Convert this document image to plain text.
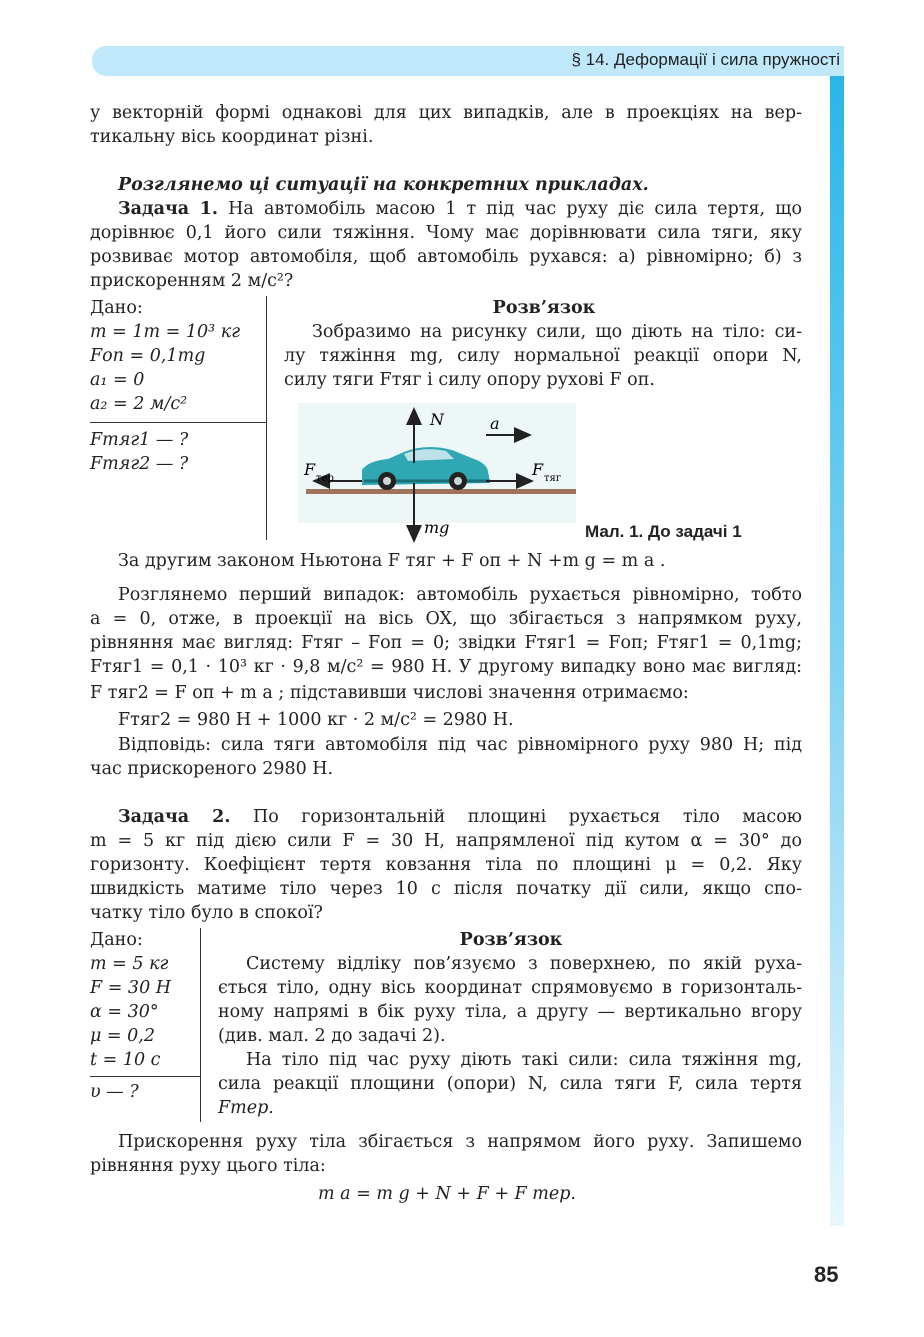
§ 14. Деформації і сила пружності
у векторній формі однакові для цих випадків, але в проекціях на вер-
тикальну вісь координат різні.
Розглянемо ці ситуації на конкретних прикладах.
Задача 1. На автомобіль масою 1 т під час руху діє сила тертя, що
дорівнює 0,1 його сили тяжіння. Чому має дорівнювати сила тяги, яку
розвиває мотор автомобіля, щоб автомобіль рухався: а) рівномірно; б) з
прискоренням 2 м/с²?
Дано:
m = 1т = 10³ кг
Fоп = 0,1mg
a₁ = 0
a₂ = 2 м/с²
Fтяг1 — ?
Fтяг2 — ?
Розв’язок
Зобразимо на рисунку сили, що діють на тіло: си-
лу тяжіння mg, силу нормальної реакції опори N,
силу тяги Fтяг і силу опору руховi F оп.
N	a
mg
F тер	F тяг
Мал. 1. До задачі 1
За другим законом Ньютона F тяг + F оп + N +m g = m a .
Розглянемо перший випадок: автомобіль рухається рівномірно, тобто
a = 0, отже, в проекції на вісь OX, що збігається з напрямком руху,
рівняння має вигляд: Fтяг – Fоп = 0; звідки Fтяг1 = Fоп; Fтяг1 = 0,1mg;
Fтяг1 = 0,1 · 10³ кг · 9,8 м/с² = 980 Н. У другому випадку воно має вигляд:
F тяг2 = F оп + m a ; підставивши числові значення отримаємо:
Fтяг2 = 980 Н + 1000 кг · 2 м/с² = 2980 Н.
Відповідь: сила тяги автомобіля під час рівномірного руху 980 Н; під
час прискореного 2980 Н.
Задача 2. По горизонтальній площині рухається тіло масою
m = 5 кг під дією сили F = 30 Н, напрямленої під кутом α = 30° до
горизонту. Коефіцієнт тертя ковзання тіла по площині μ = 0,2. Яку
швидкість матиме тіло через 10 с після початку дії сили, якщо спо-
чатку тіло було в спокої?
Дано:
m = 5 кг
F = 30 Н
α = 30°
μ = 0,2
t = 10 с
υ — ?
Розв’язок
Систему відліку пов’язуємо з поверхнею, по якій руха-
ється тіло, одну вісь координат спрямовуємо в горизонталь-
ному напрямі в бік руху тіла, а другу — вертикально вгору
(див. мал. 2 до задачі 2).
На тіло під час руху діють такі сили: сила тяжіння mg,
сила реакції площини (опори) N, сила тяги F, сила тертя
Fтер.
Прискорення руху тіла збігається з напрямом його руху. Запишемо
рівняння руху цього тіла:
m a = m g + N + F + F тер.
85
